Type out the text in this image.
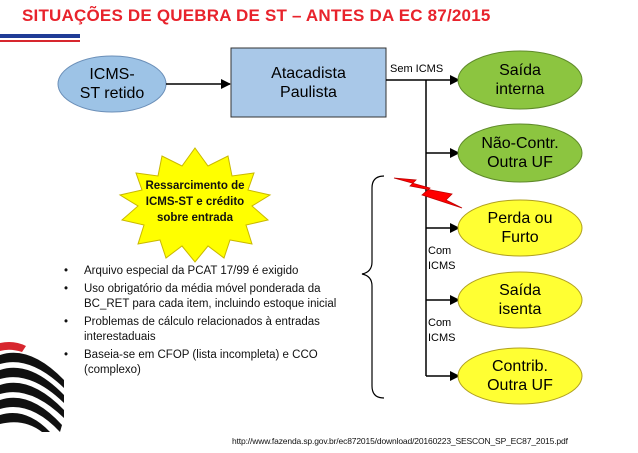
SITUAÇÕES DE QUEBRA DE ST – ANTES DA EC 87/2015
ICMS-
ST retido
Atacadista
Paulista
Saída
interna
Não-Contr.
Outra UF
Perda ou
Furto
Saída
isenta
Contrib.
Outra UF
Sem ICMS
Com
ICMS
Com
ICMS
Ressarcimento de
ICMS-ST e crédito
sobre entrada
• Arquivo especial da PCAT 17/99 é exigido
• Uso obrigatório da média móvel ponderada da BC_RET para cada item, incluindo estoque inicial
• Problemas de cálculo relacionados à entradas interestaduais
• Baseia-se em CFOP (lista incompleta) e CCO (complexo)
http://www.fazenda.sp.gov.br/ec872015/download/20160223_SESCON_SP_EC87_2015.pdf
